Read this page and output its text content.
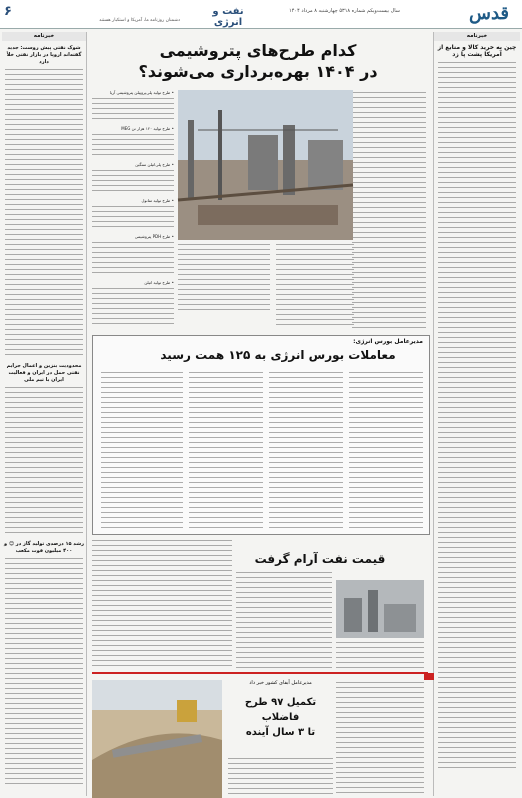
۶	نفت و انرژی
سال بیست‌ویکم شماره ۵۳۱۸ چهارشنبه ۸ مرداد ۱۴۰۴
دشمنان روزنامه ما، آمریکا و استکبار هستند	قدس
خبرنامه
چین به خرید کالا و منابع از آمریکا پشت پا زد
خبرنامه
شوک نفتی پیش روست: جدید گفته‌اند اروپا در بازار نفتی خلأ دارد
محدودیت بنزین و اعمال جرایم نفتی حمل در ایران و فعالیت ایران با تیم ملی
رشد ۱۵ درصدی تولید گاز در 😊 و ۴۰۰ میلیون فوت مکعب
کدام طرح‌های پتروشیمی
در ۱۴۰۴ بهره‌برداری می‌شوند؟
• طرح تولید پلی‌پروپیلن پتروشیمی آریا
• طرح تولید ۱۲۰ هزار تن MEG
• طرح پلی‌اتیلن سنگین
• طرح تولید متانول
• طرح PDH پتروشیمی
• طرح تولید اتیلن
مدیرعامل بورس انرژی:
معاملات بورس انرژی به ۱۲۵ همت رسید
قیمت نفت آرام گرفت
تکمیل ۹۷ طرح
فاضلاب
تا ۳ سال آینده
مدیرعامل آبفای کشور خبر داد
